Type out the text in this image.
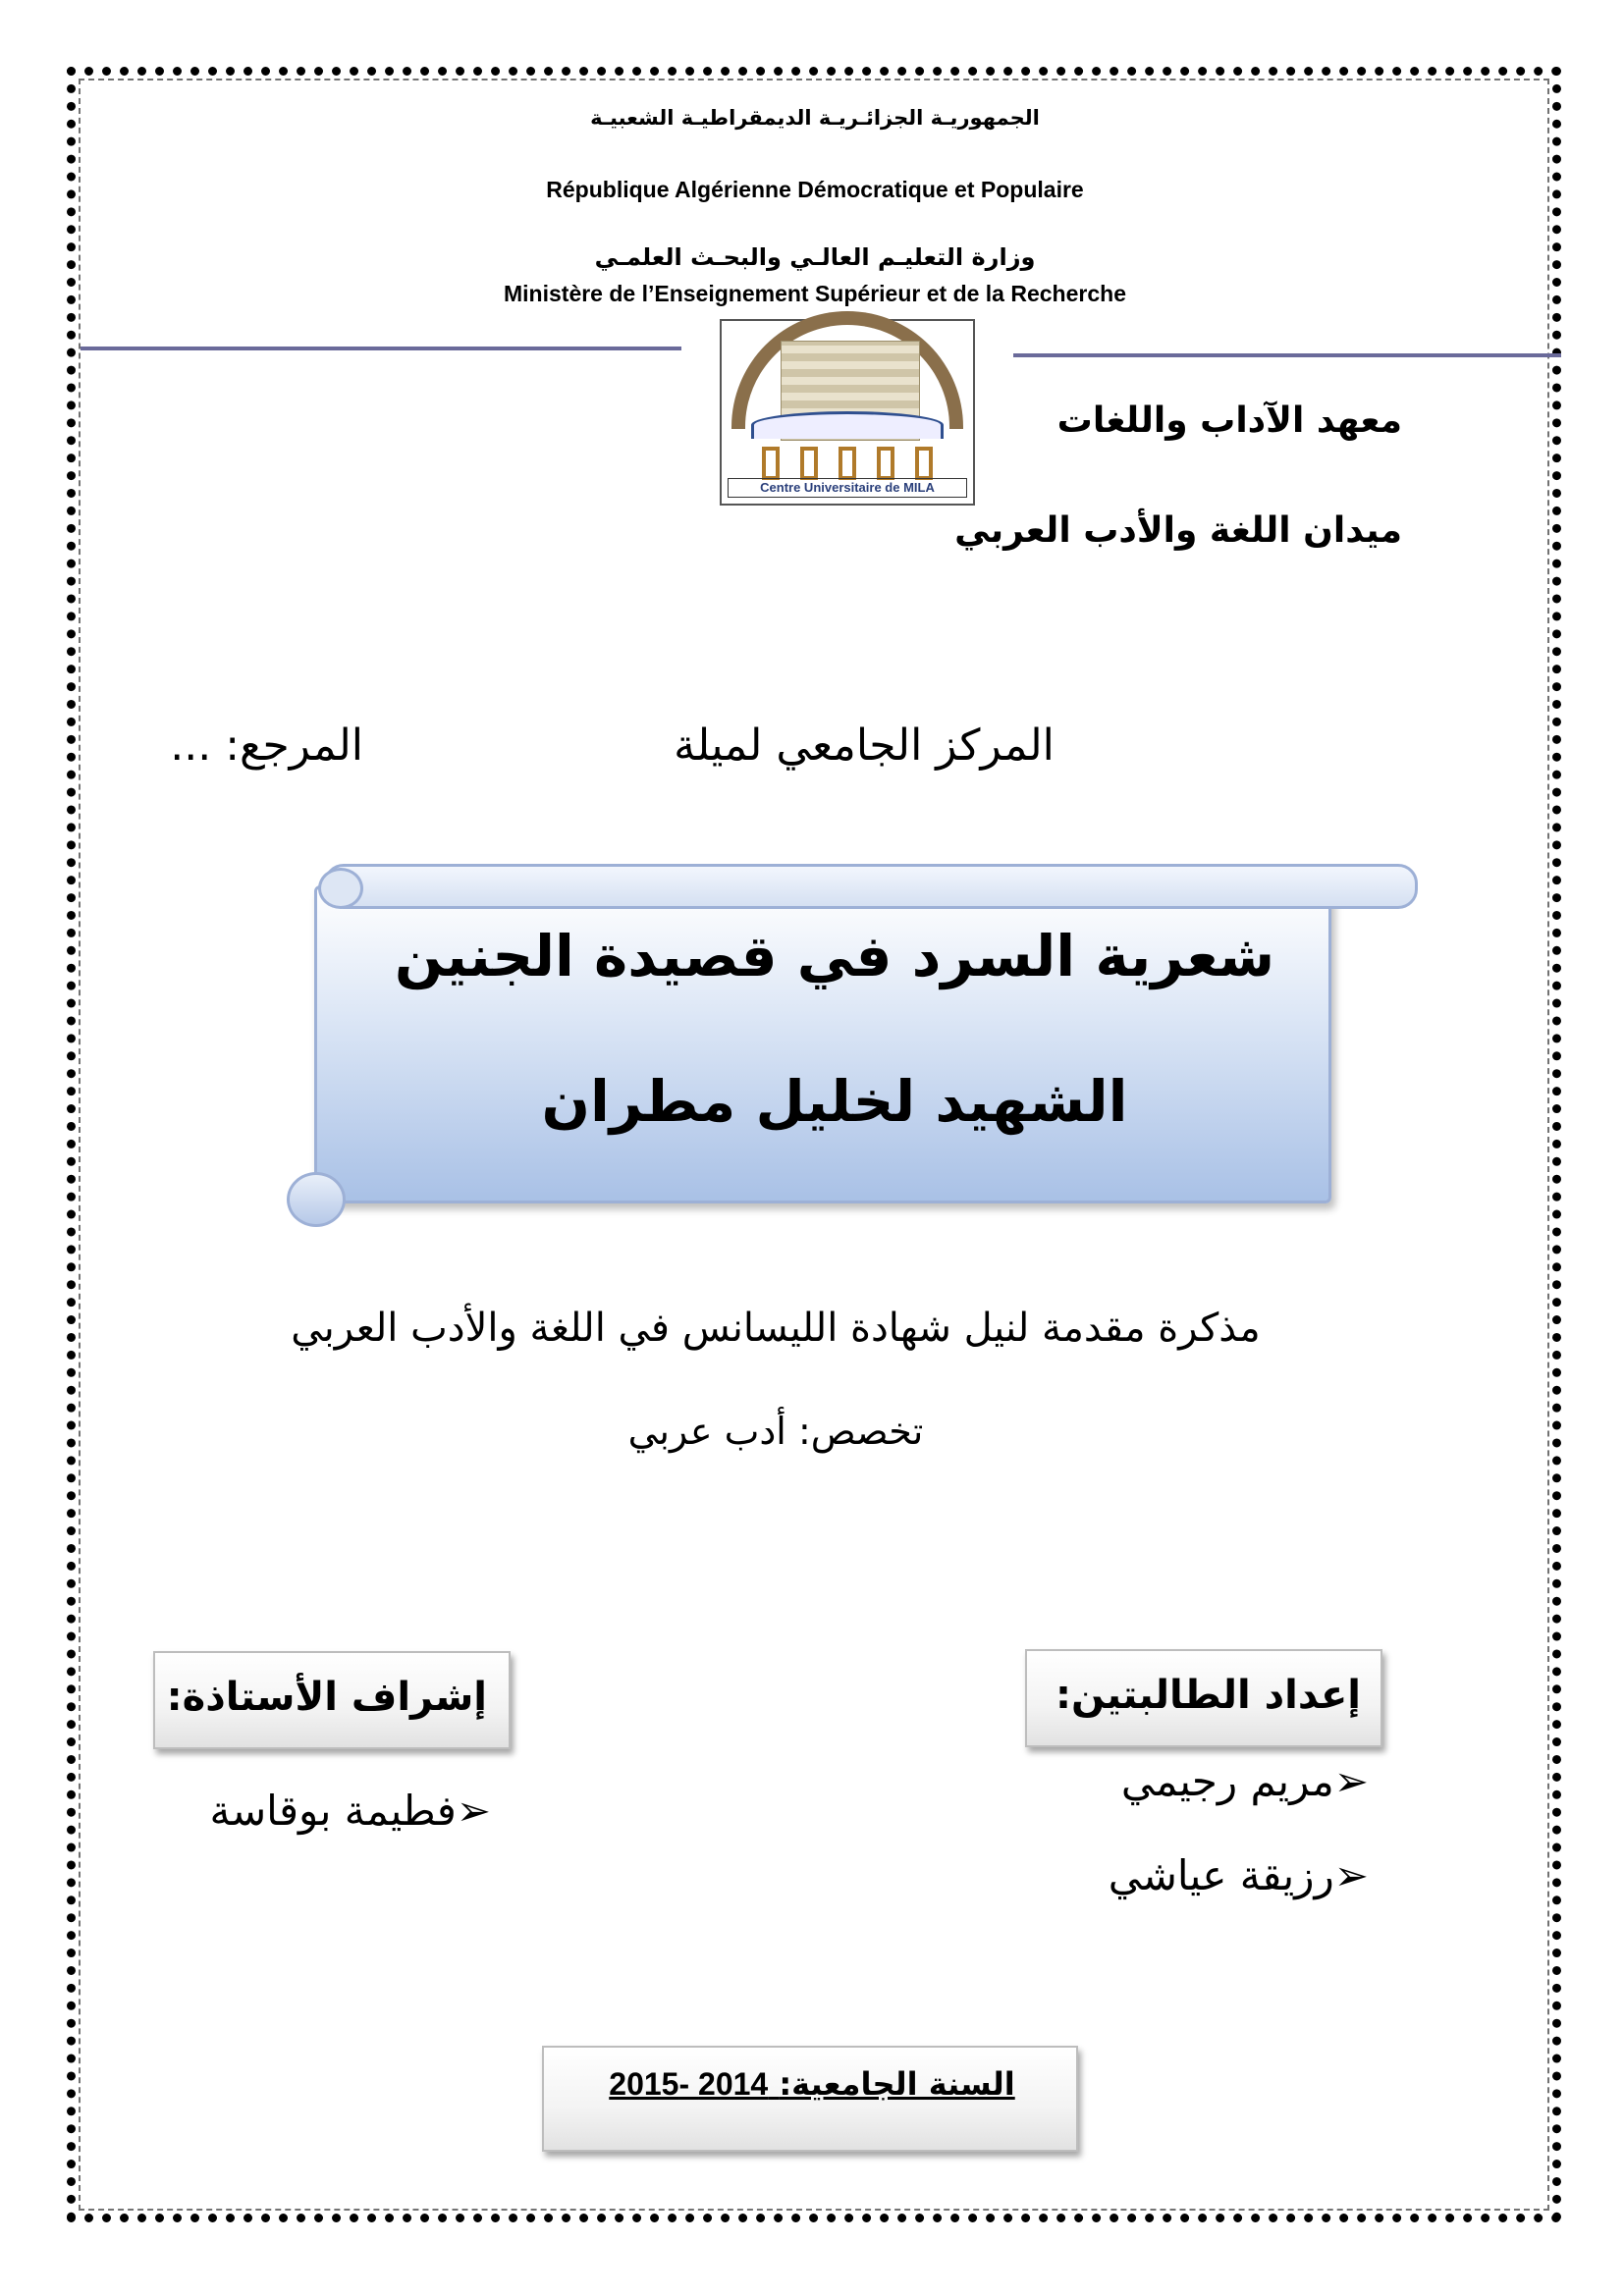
الجمهوريـة الجزائـريـة الديمقراطيـة الشعبيـة
République Algérienne Démocratique et Populaire
وزارة التعليـم العالـي والبحـث العلمـي
Ministère de l’Enseignement Supérieur et de la Recherche
Centre Universitaire de MILA
معهد الآداب واللغات
ميدان اللغة والأدب العربي
المركز الجامعي لميلة
المرجع: ...
شعرية السرد في قصيدة الجنين
الشهيد لخليل مطران
مذكرة مقدمة لنيل شهادة الليسانس في اللغة والأدب العربي
تخصص: أدب عربي
إعداد الطالبتين:
➢مريم رجيمي
➢رزيقة عياشي
إشراف الأستاذة:
➢فطيمة بوقاسة
السنة الجامعية: 2014 -2015
